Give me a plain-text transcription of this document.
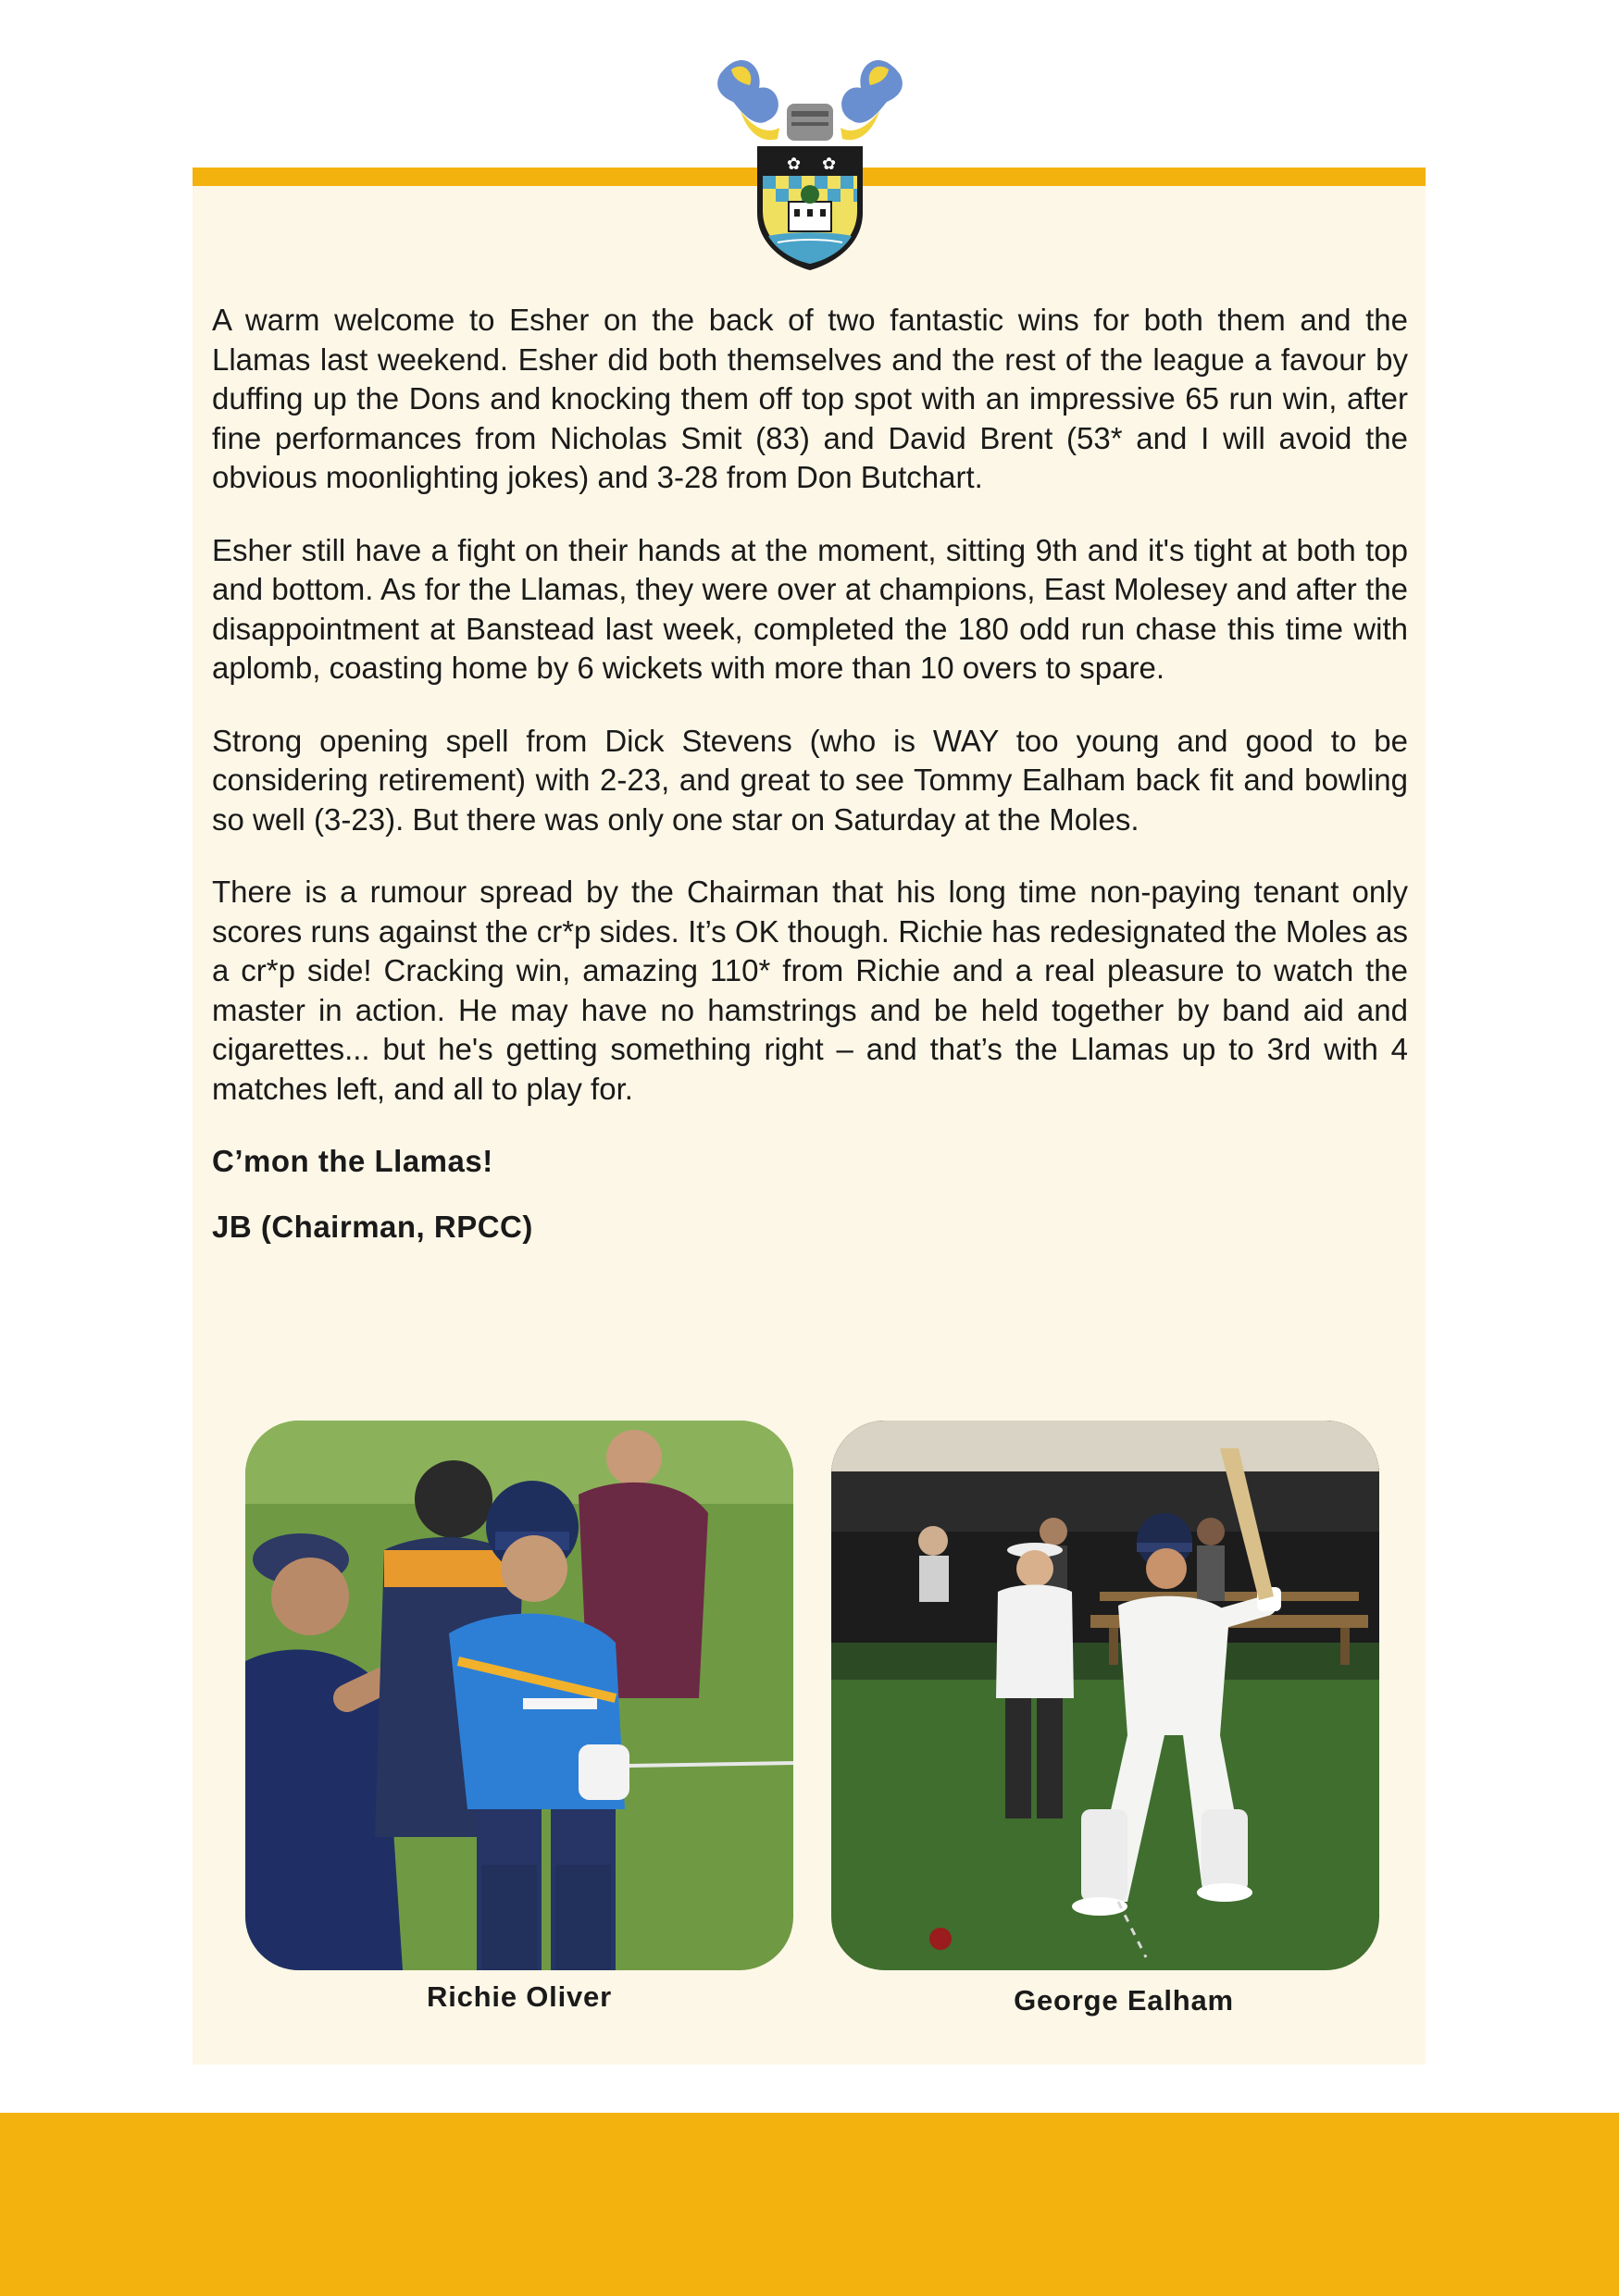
✿ ✿

A warm welcome to Esher on the back of two fantastic wins for both them and the Llamas last weekend. Esher did both themselves and the rest of the league a favour by duffing up the Dons and knocking them off top spot with an impressive 65 run win, after fine performances from Nicholas Smit (83) and David Brent (53* and I will avoid the obvious moonlighting jokes) and 3-28 from Don Butchart.

Esher still have a fight on their hands at the moment, sitting 9th and it's tight at both top and bottom. As for the Llamas, they were over at champions, East Molesey and after the disappointment at Banstead last week, completed the 180 odd run chase this time with aplomb, coasting home by 6 wickets with more than 10 overs to spare.

Strong opening spell from Dick Stevens (who is WAY too young and good to be considering retirement) with 2-23, and great to see Tommy Ealham back fit and bowling so well (3-23). But there was only one star on Saturday at the Moles.

There is a rumour spread by the Chairman that his long time non-paying tenant only scores runs against the cr*p sides. It’s OK though. Richie has redesignated the Moles as a cr*p side! Cracking win, amazing 110* from Richie and a real pleasure to watch the master in action. He may have no hamstrings and be held together by band aid and cigarettes... but he's getting something right – and that’s the Llamas up to 3rd with 4 matches left, and all to play for.

C’mon the Llamas!

JB (Chairman, RPCC)

Richie Oliver	George Ealham
